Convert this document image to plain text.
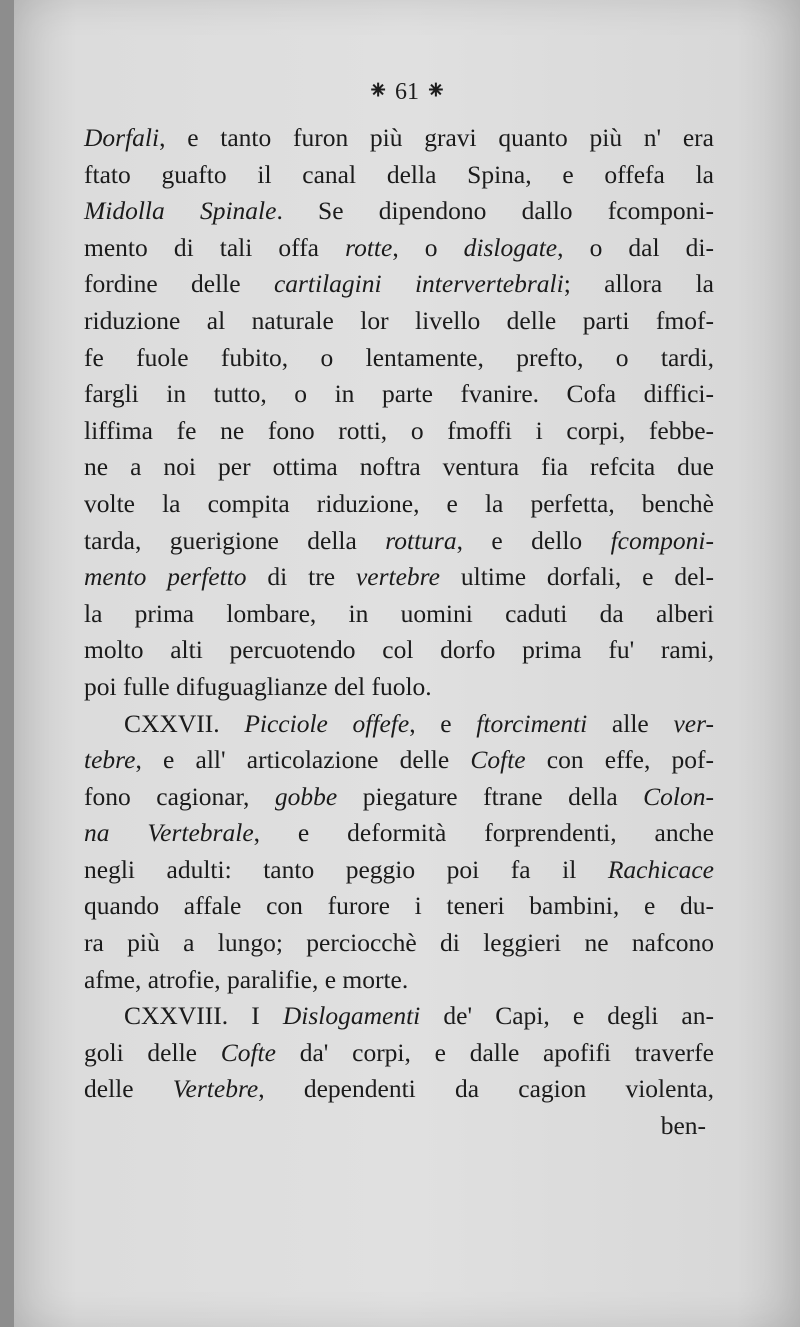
⁕ 61 ⁕
Dorfali, e tanto furon più gravi quanto più n' era
ftato guafto il canal della Spina, e offefa la
Midolla Spinale. Se dipendono dallo fcomponi-
mento di tali offa rotte, o dislogate, o dal di-
fordine delle cartilagini intervertebrali; allora la
riduzione al naturale lor livello delle parti fmof-
fe fuole fubito, o lentamente, prefto, o tardi,
fargli in tutto, o in parte fvanire. Cofa diffici-
liffima fe ne fono rotti, o fmoffi i corpi, febbe-
ne a noi per ottima noftra ventura fia refcita due
volte la compita riduzione, e la perfetta, benchè
tarda, guerigione della rottura, e dello fcomponi-
mento perfetto di tre vertebre ultime dorfali, e del-
la prima lombare, in uomini caduti da alberi
molto alti percuotendo col dorfo prima fu' rami,
poi fulle difuguaglianze del fuolo.
CXXVII. Picciole offefe, e ftorcimenti alle ver-
tebre, e all' articolazione delle Cofte con effe, pof-
fono cagionar, gobbe piegature ftrane della Colon-
na Vertebrale, e deformità forprendenti, anche
negli adulti: tanto peggio poi fa il Rachicace
quando affale con furore i teneri bambini, e du-
ra più a lungo; perciocchè di leggieri ne nafcono
afme, atrofie, paralifie, e morte.
CXXVIII. I Dislogamenti de' Capi, e degli an-
goli delle Cofte da' corpi, e dalle apofifi traverfe
delle Vertebre, dependenti da cagion violenta,
ben-
